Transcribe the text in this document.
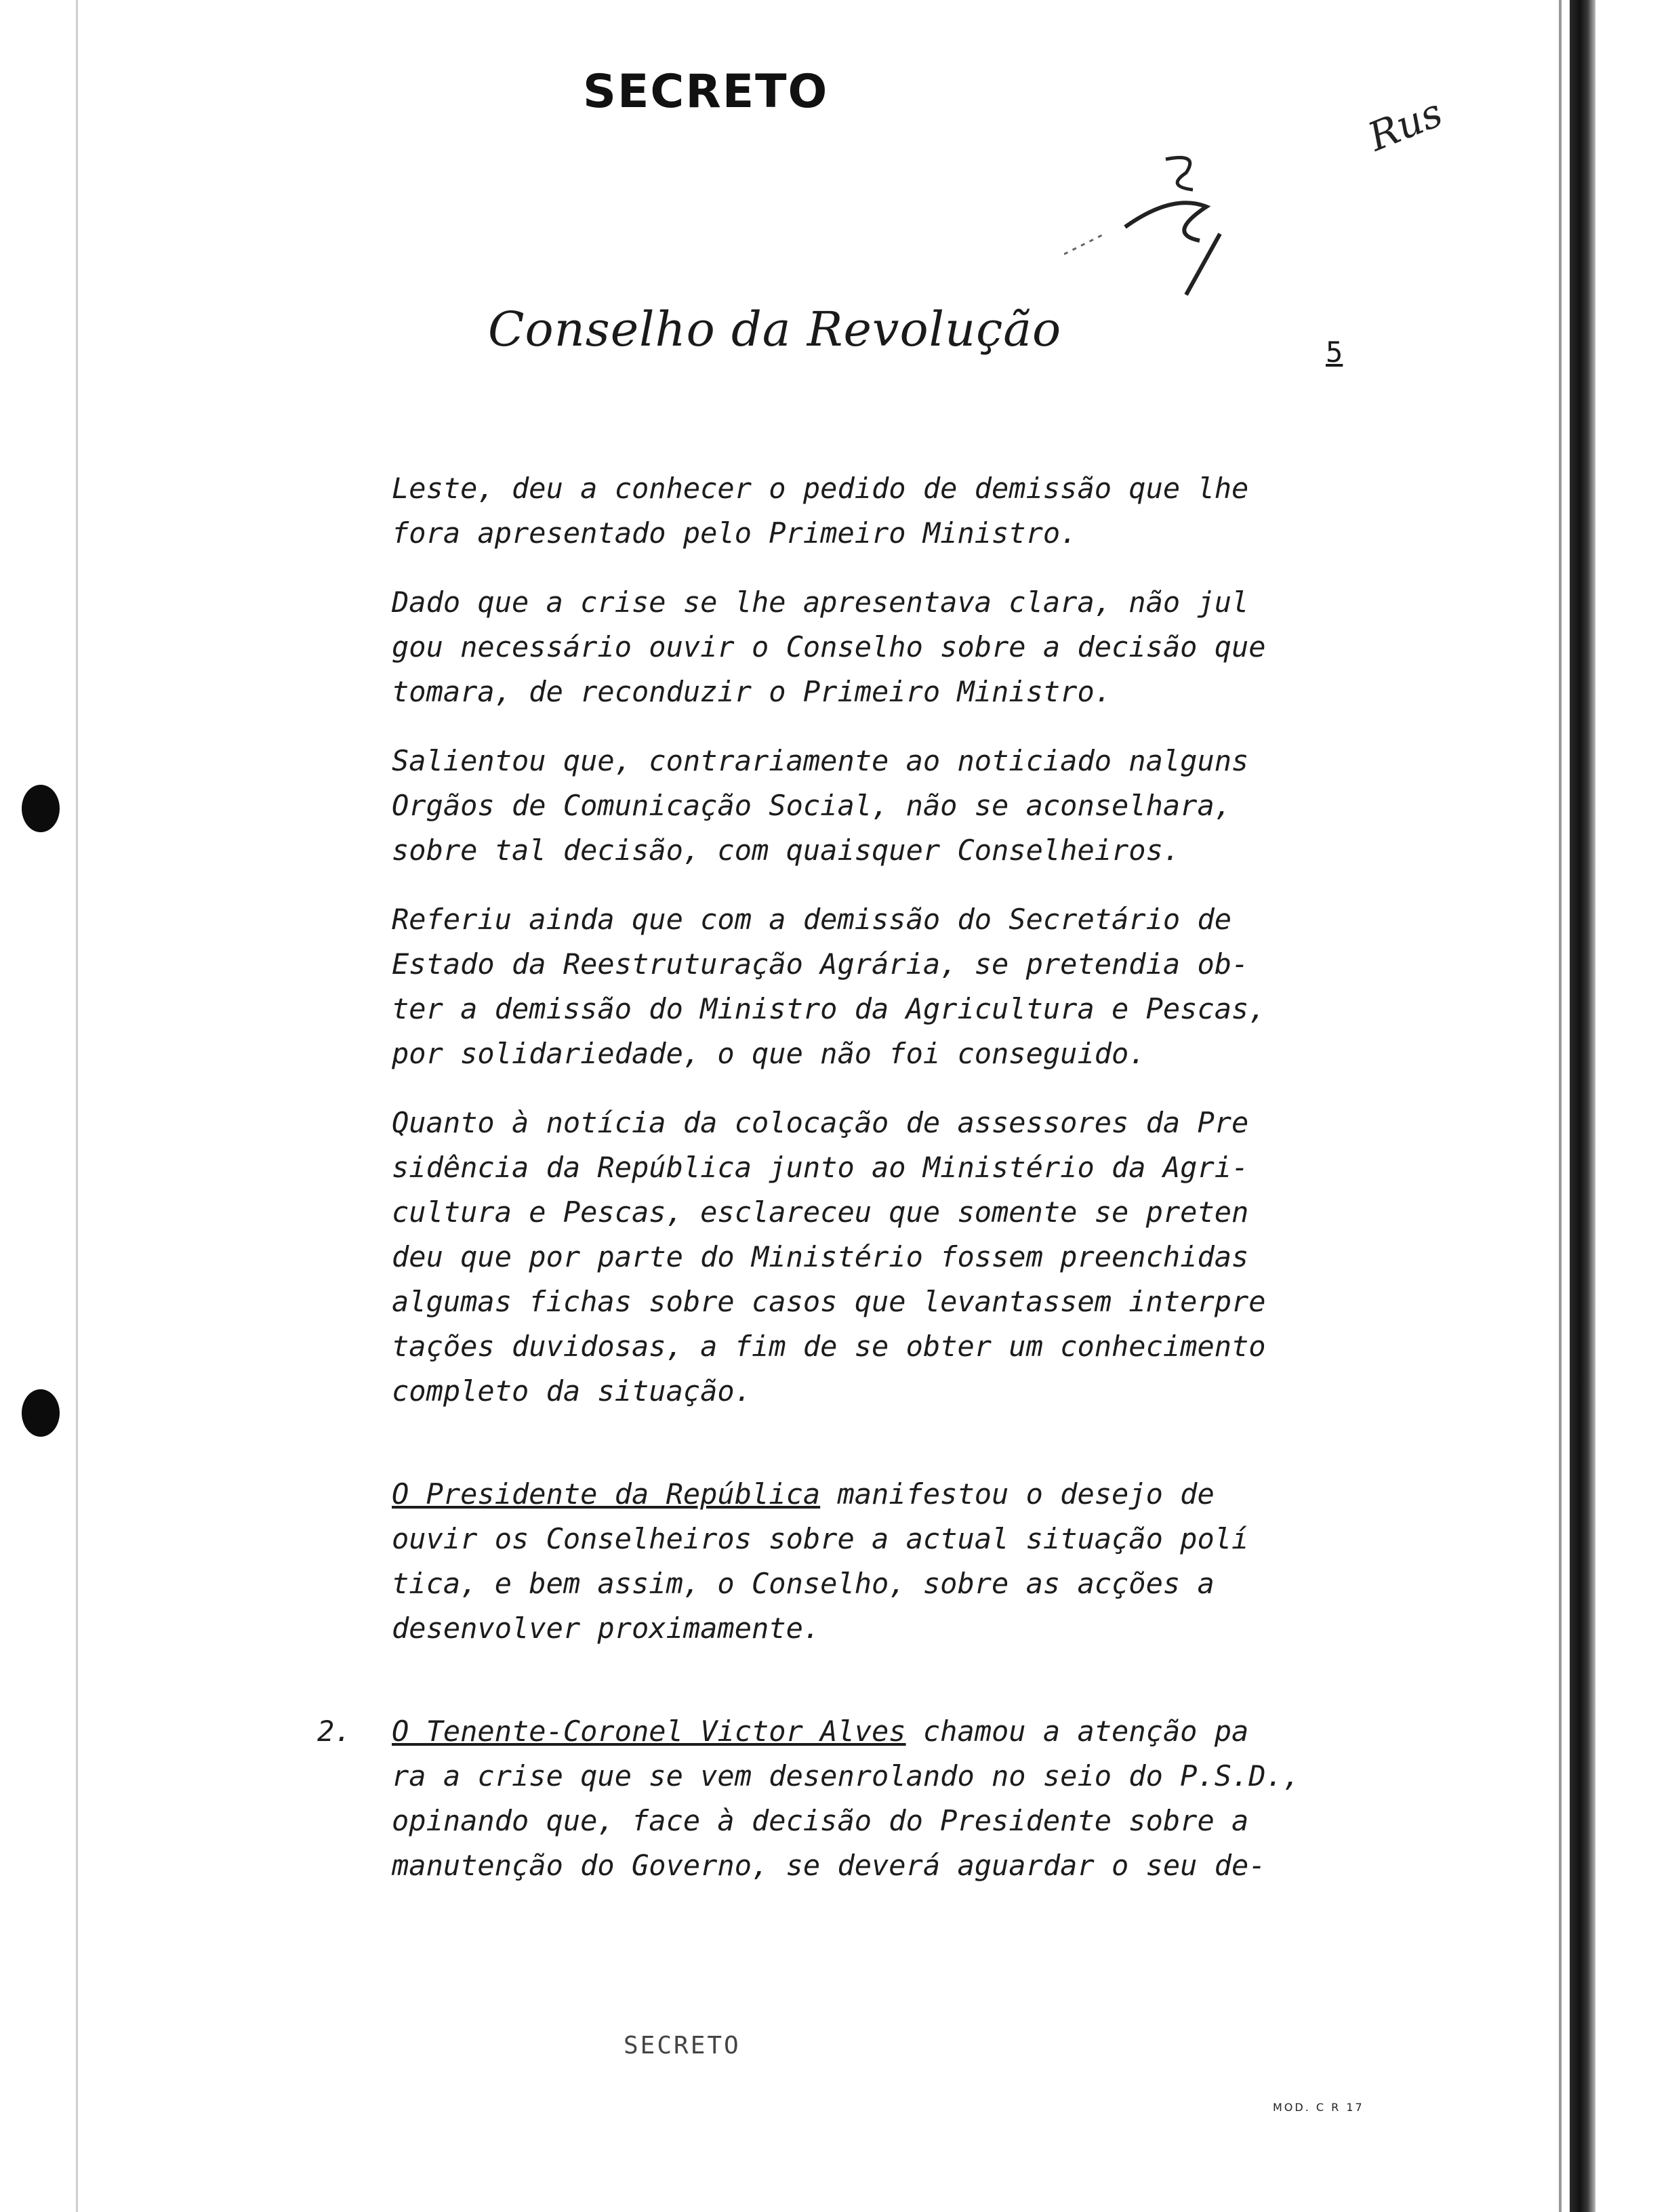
SECRETO	Rus
Conselho da Revolução	5

Leste, deu a conhecer o pedido de demissão que lhe
fora apresentado pelo Primeiro Ministro.

Dado que a crise se lhe apresentava clara, não jul
gou necessário ouvir o Conselho sobre a decisão que
tomara, de reconduzir o Primeiro Ministro.

Salientou que, contrariamente ao noticiado nalguns
Orgãos de Comunicação Social, não se aconselhara,
sobre tal decisão, com quaisquer Conselheiros.

Referiu ainda que com a demissão do Secretário de
Estado da Reestruturação Agrária, se pretendia ob-
ter a demissão do Ministro da Agricultura e Pescas,
por solidariedade, o que não foi conseguido.

Quanto à notícia da colocação de assessores da Pre
sidência da República junto ao Ministério da Agri-
cultura e Pescas, esclareceu que somente se preten
deu que por parte do Ministério fossem preenchidas
algumas fichas sobre casos que levantassem interpre
tações duvidosas, a fim de se obter um conhecimento
completo da situação.

O Presidente da República manifestou o desejo de
ouvir os Conselheiros sobre a actual situação polí
tica, e bem assim, o Conselho, sobre as acções a
desenvolver proximamente.

2. O Tenente-Coronel Victor Alves chamou a atenção pa
ra a crise que se vem desenrolando no seio do P.S.D.,
opinando que, face à decisão do Presidente sobre a
manutenção do Governo, se deverá aguardar o seu de-

SECRETO
MOD. C R 17
